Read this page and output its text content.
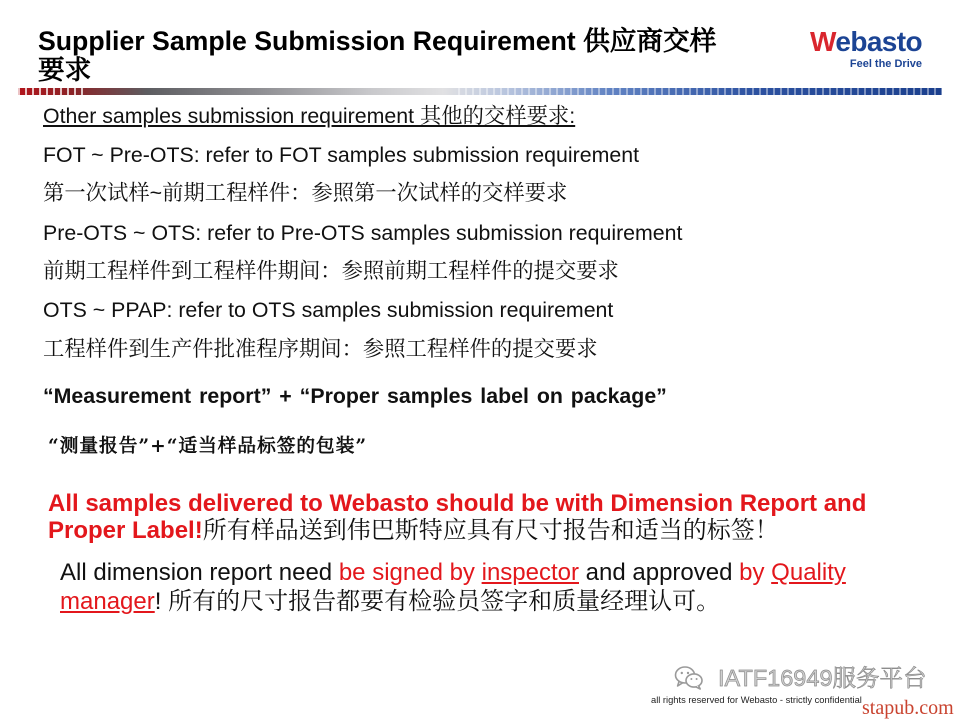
Supplier Sample Submission Requirement 供应商交样要求
Webasto
Feel the Drive

Other samples submission requirement 其他的交样要求:

FOT ~ Pre-OTS: refer to FOT samples submission requirement

第一次试样~前期工程样件：参照第一次试样的交样要求

Pre-OTS ~ OTS: refer to Pre-OTS samples submission requirement

前期工程样件到工程样件期间：参照前期工程样件的提交要求

OTS ~ PPAP: refer to OTS samples submission requirement

工程样件到生产件批准程序期间：参照工程样件的提交要求

“Measurement report” + “Proper samples label on package”

“测量报告”+“适当样品标签的包装”

All samples delivered to Webasto should be with Dimension Report and Proper Label!所有样品送到伟巴斯特应具有尺寸报告和适当的标签！

All dimension report need be signed by inspector and approved by Quality manager! 所有的尺寸报告都要有检验员签字和质量经理认可。

IATF16949服务平台
all rights reserved for Webasto - strictly confidential stapub.com
